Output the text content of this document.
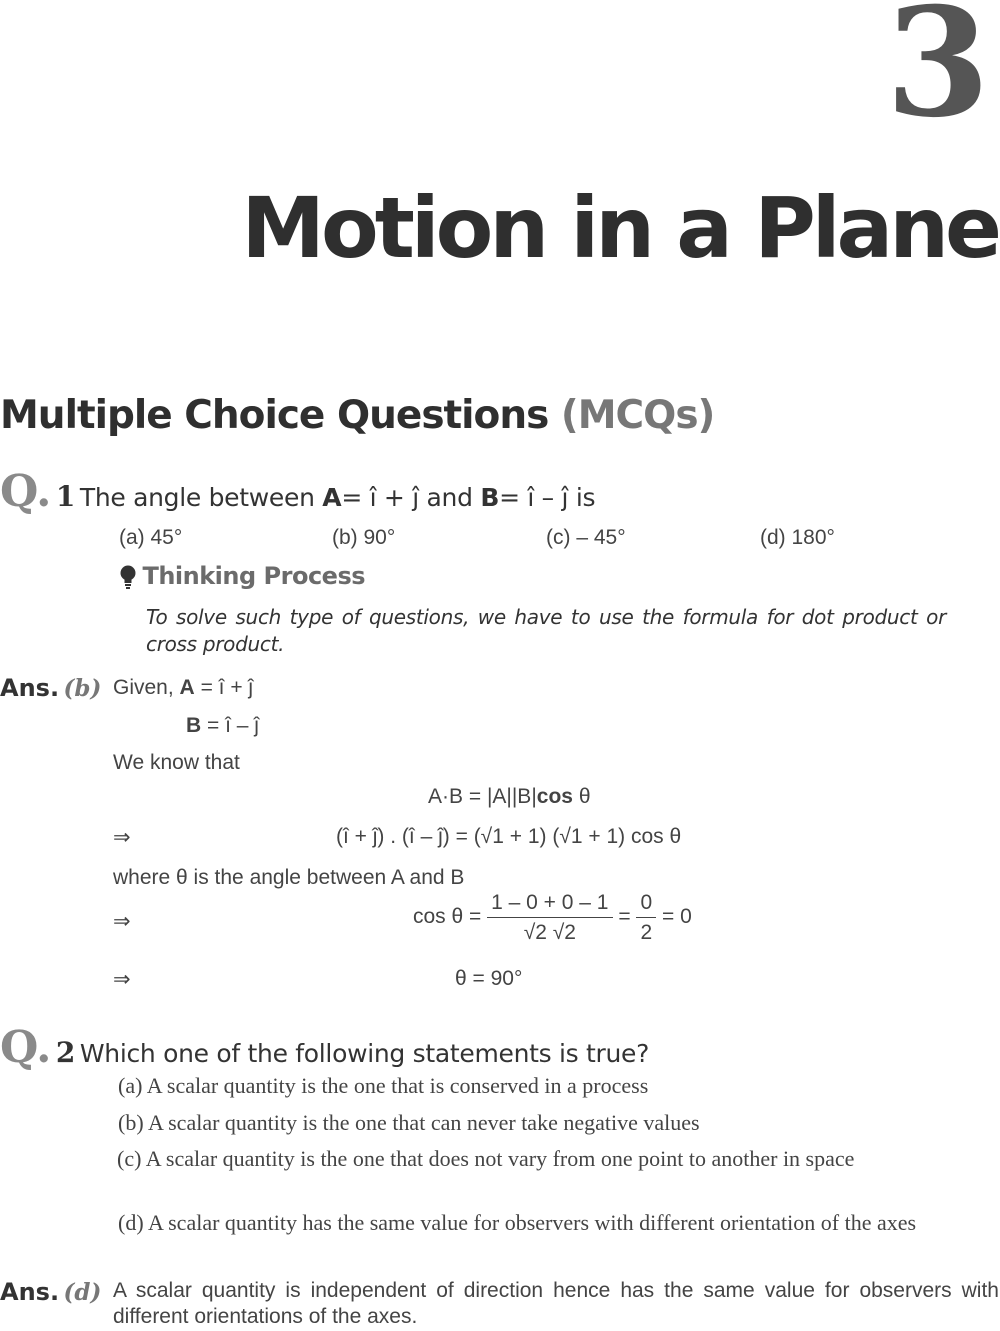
3
Motion in a Plane
Multiple Choice Questions (MCQs)
Q. 1 The angle between A= î + ĵ and B= î – ĵ is
(a) 45°	(b) 90°	(c) – 45°	(d) 180°
Thinking Process
To solve such type of questions, we have to use the formula for dot product or cross product.
Ans. (b) Given, A = î + ĵ
B = î – ĵ
We know that
A·B = |A||B|cos θ
⇒	(î + ĵ) . (î – ĵ) = (√1 + 1) (√1 + 1) cos θ
where θ is the angle between A and B
⇒	$\cos \theta = \frac{1 - 0 + 0 - 1}{√2 √2} = \frac{0}{2} = 0$
⇒	θ = 90°
Q. 2 Which one of the following statements is true?
(a) A scalar quantity is the one that is conserved in a process
(b) A scalar quantity is the one that can never take negative values
(c) A scalar quantity is the one that does not vary from one point to another in space
(d) A scalar quantity has the same value for observers with different orientation of the axes
Ans. (d) A scalar quantity is independent of direction hence has the same value for observers with different orientations of the axes.
